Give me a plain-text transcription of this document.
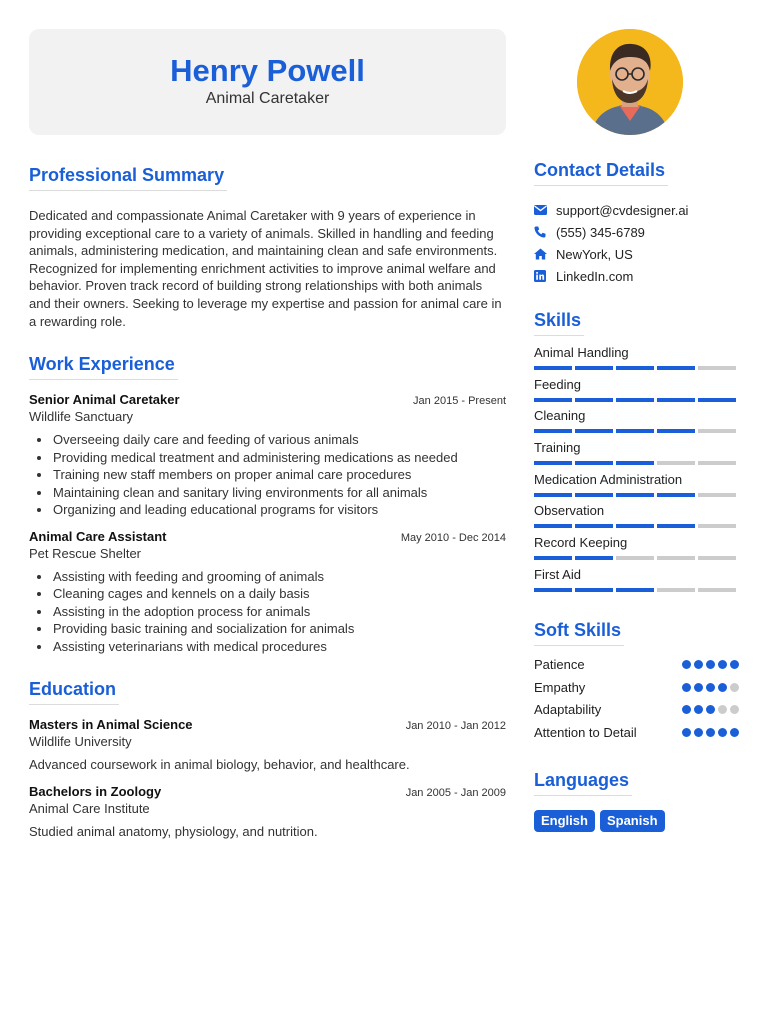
Henry Powell
Animal Caretaker
Professional Summary

Dedicated and compassionate Animal Caretaker with 9 years of experience in providing exceptional care to a variety of animals. Skilled in handling and feeding animals, administering medication, and maintaining clean and safe environments. Recognized for implementing enrichment activities to improve animal welfare and behavior. Proven track record of building strong relationships with both animals and their owners. Seeking to leverage my expertise and passion for animal care in a rewarding role.

Work Experience
Senior Animal Caretaker	Jan 2015 - Present
Wildlife Sanctuary
Overseeing daily care and feeding of various animals
Providing medical treatment and administering medications as needed
Training new staff members on proper animal care procedures
Maintaining clean and sanitary living environments for all animals
Organizing and leading educational programs for visitors
Animal Care Assistant	May 2010 - Dec 2014
Pet Rescue Shelter
Assisting with feeding and grooming of animals
Cleaning cages and kennels on a daily basis
Assisting in the adoption process for animals
Providing basic training and socialization for animals
Assisting veterinarians with medical procedures
Education
Masters in Animal Science	Jan 2010 - Jan 2012
Wildlife University
Advanced coursework in animal biology, behavior, and healthcare.
Bachelors in Zoology	Jan 2005 - Jan 2009
Animal Care Institute
Studied animal anatomy, physiology, and nutrition.
Contact Details
support@cvdesigner.ai
(555) 345-6789
NewYork, US
LinkedIn.com
Skills
Animal Handling
Feeding
Cleaning
Training
Medication Administration
Observation
Record Keeping
First Aid
Soft Skills
Patience
Empathy
Adaptability
Attention to Detail
Languages
English	Spanish
